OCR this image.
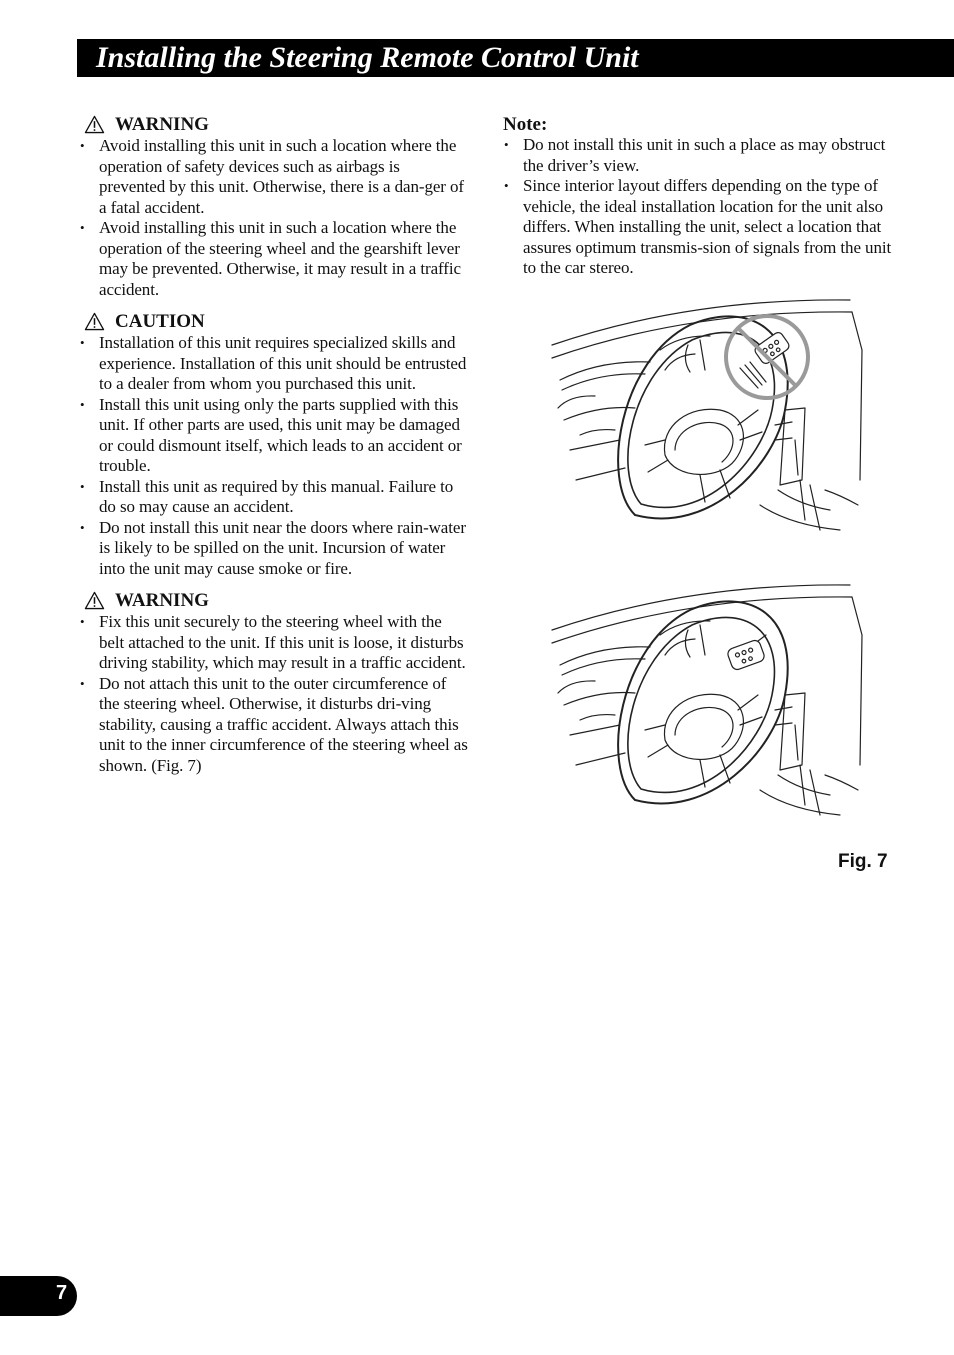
Installing the Steering Remote Control Unit
WARNING
• Avoid installing this unit in such a location where the operation of safety devices such as airbags is prevented by this unit. Otherwise, there is a dan-ger of a fatal accident.
• Avoid installing this unit in such a location where the operation of the steering wheel and the gearshift lever may be prevented. Otherwise, it may result in a traffic accident.
CAUTION
• Installation of this unit requires specialized skills and experience. Installation of this unit should be entrusted to a dealer from whom you purchased this unit.
• Install this unit using only the parts supplied with this unit. If other parts are used, this unit may be damaged or could dismount itself, which leads to an accident or trouble.
• Install this unit as required by this manual. Failure to do so may cause an accident.
• Do not install this unit near the doors where rain-water is likely to be spilled on the unit. Incursion of water into the unit may cause smoke or fire.
WARNING
• Fix this unit securely to the steering wheel with the belt attached to the unit. If this unit is loose, it disturbs driving stability, which may result in a traffic accident.
• Do not attach this unit to the outer circumference of the steering wheel. Otherwise, it disturbs dri-ving stability, causing a traffic accident. Always attach this unit to the inner circumference of the steering wheel as shown. (Fig. 7)
Note:
• Do not install this unit in such a place as may obstruct the driver’s view.
• Since interior layout differs depending on the type of vehicle, the ideal installation location for the unit also differs. When installing the unit, select a location that assures optimum transmis-sion of signals from the unit to the car stereo.
Fig. 7
7
